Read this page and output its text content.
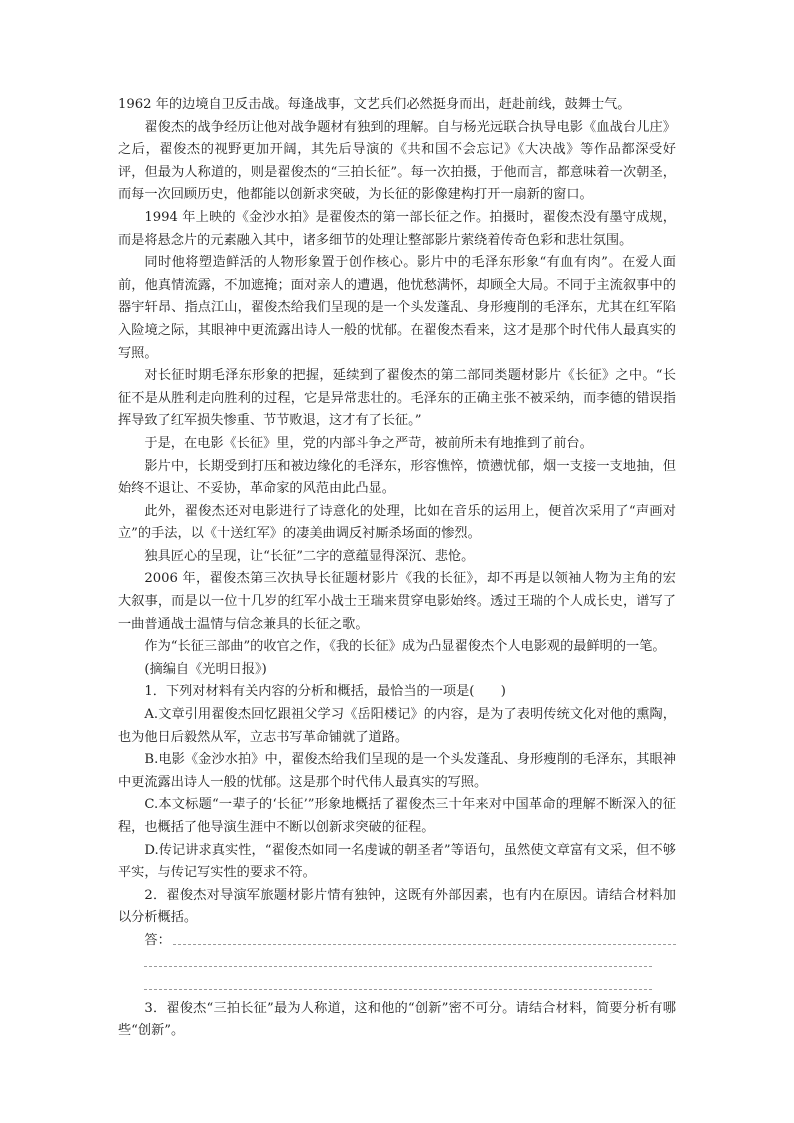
1962 年的边境自卫反击战。每逢战事，文艺兵们必然挺身而出，赶赴前线，鼓舞士气。

翟俊杰的战争经历让他对战争题材有独到的理解。自与杨光远联合执导电影《血战台儿庄》之后，翟俊杰的视野更加开阔，其先后导演的《共和国不会忘记》《大决战》等作品都深受好评，但最为人称道的，则是翟俊杰的“三拍长征”。每一次拍摄，于他而言，都意味着一次朝圣，而每一次回顾历史，他都能以创新求突破，为长征的影像建构打开一扇新的窗口。

1994 年上映的《金沙水拍》是翟俊杰的第一部长征之作。拍摄时，翟俊杰没有墨守成规，而是将悬念片的元素融入其中，诸多细节的处理让整部影片萦绕着传奇色彩和悲壮氛围。

同时他将塑造鲜活的人物形象置于创作核心。影片中的毛泽东形象“有血有肉”。在爱人面前，他真情流露，不加遮掩；面对亲人的遭遇，他忧愁满怀，却顾全大局。不同于主流叙事中的器宇轩昂、指点江山，翟俊杰给我们呈现的是一个头发蓬乱、身形瘦削的毛泽东，尤其在红军陷入险境之际，其眼神中更流露出诗人一般的忧郁。在翟俊杰看来，这才是那个时代伟人最真实的写照。

对长征时期毛泽东形象的把握，延续到了翟俊杰的第二部同类题材影片《长征》之中。“长征不是从胜利走向胜利的过程，它是异常悲壮的。毛泽东的正确主张不被采纳，而李德的错误指挥导致了红军损失惨重、节节败退，这才有了长征。”

于是，在电影《长征》里，党的内部斗争之严苛，被前所未有地推到了前台。

影片中，长期受到打压和被边缘化的毛泽东，形容憔悴，愤懑忧郁，烟一支接一支地抽，但始终不退让、不妥协，革命家的风范由此凸显。

此外，翟俊杰还对电影进行了诗意化的处理，比如在音乐的运用上，便首次采用了“声画对立”的手法，以《十送红军》的凄美曲调反衬厮杀场面的惨烈。

独具匠心的呈现，让“长征”二字的意蕴显得深沉、悲怆。

2006 年，翟俊杰第三次执导长征题材影片《我的长征》，却不再是以领袖人物为主角的宏大叙事，而是以一位十几岁的红军小战士王瑞来贯穿电影始终。透过王瑞的个人成长史，谱写了一曲普通战士温情与信念兼具的长征之歌。

作为“长征三部曲”的收官之作，《我的长征》成为凸显翟俊杰个人电影观的最鲜明的一笔。

(摘编自《光明日报》)

1．下列对材料有关内容的分析和概括，最恰当的一项是(　　)

A.文章引用翟俊杰回忆跟祖父学习《岳阳楼记》的内容，是为了表明传统文化对他的熏陶，也为他日后毅然从军，立志书写革命铺就了道路。

B.电影《金沙水拍》中，翟俊杰给我们呈现的是一个头发蓬乱、身形瘦削的毛泽东，其眼神中更流露出诗人一般的忧郁。这是那个时代伟人最真实的写照。

C.本文标题“一辈子的‘长征’”形象地概括了翟俊杰三十年来对中国革命的理解不断深入的征程，也概括了他导演生涯中不断以创新求突破的征程。

D.传记讲求真实性，“翟俊杰如同一名虔诚的朝圣者”等语句，虽然使文章富有文采，但不够平实，与传记写实性的要求不符。

2．翟俊杰对导演军旅题材影片情有独钟，这既有外部因素，也有内在原因。请结合材料加以分析概括。

答：

3．翟俊杰“三拍长征”最为人称道，这和他的“创新”密不可分。请结合材料，简要分析有哪些“创新”。
